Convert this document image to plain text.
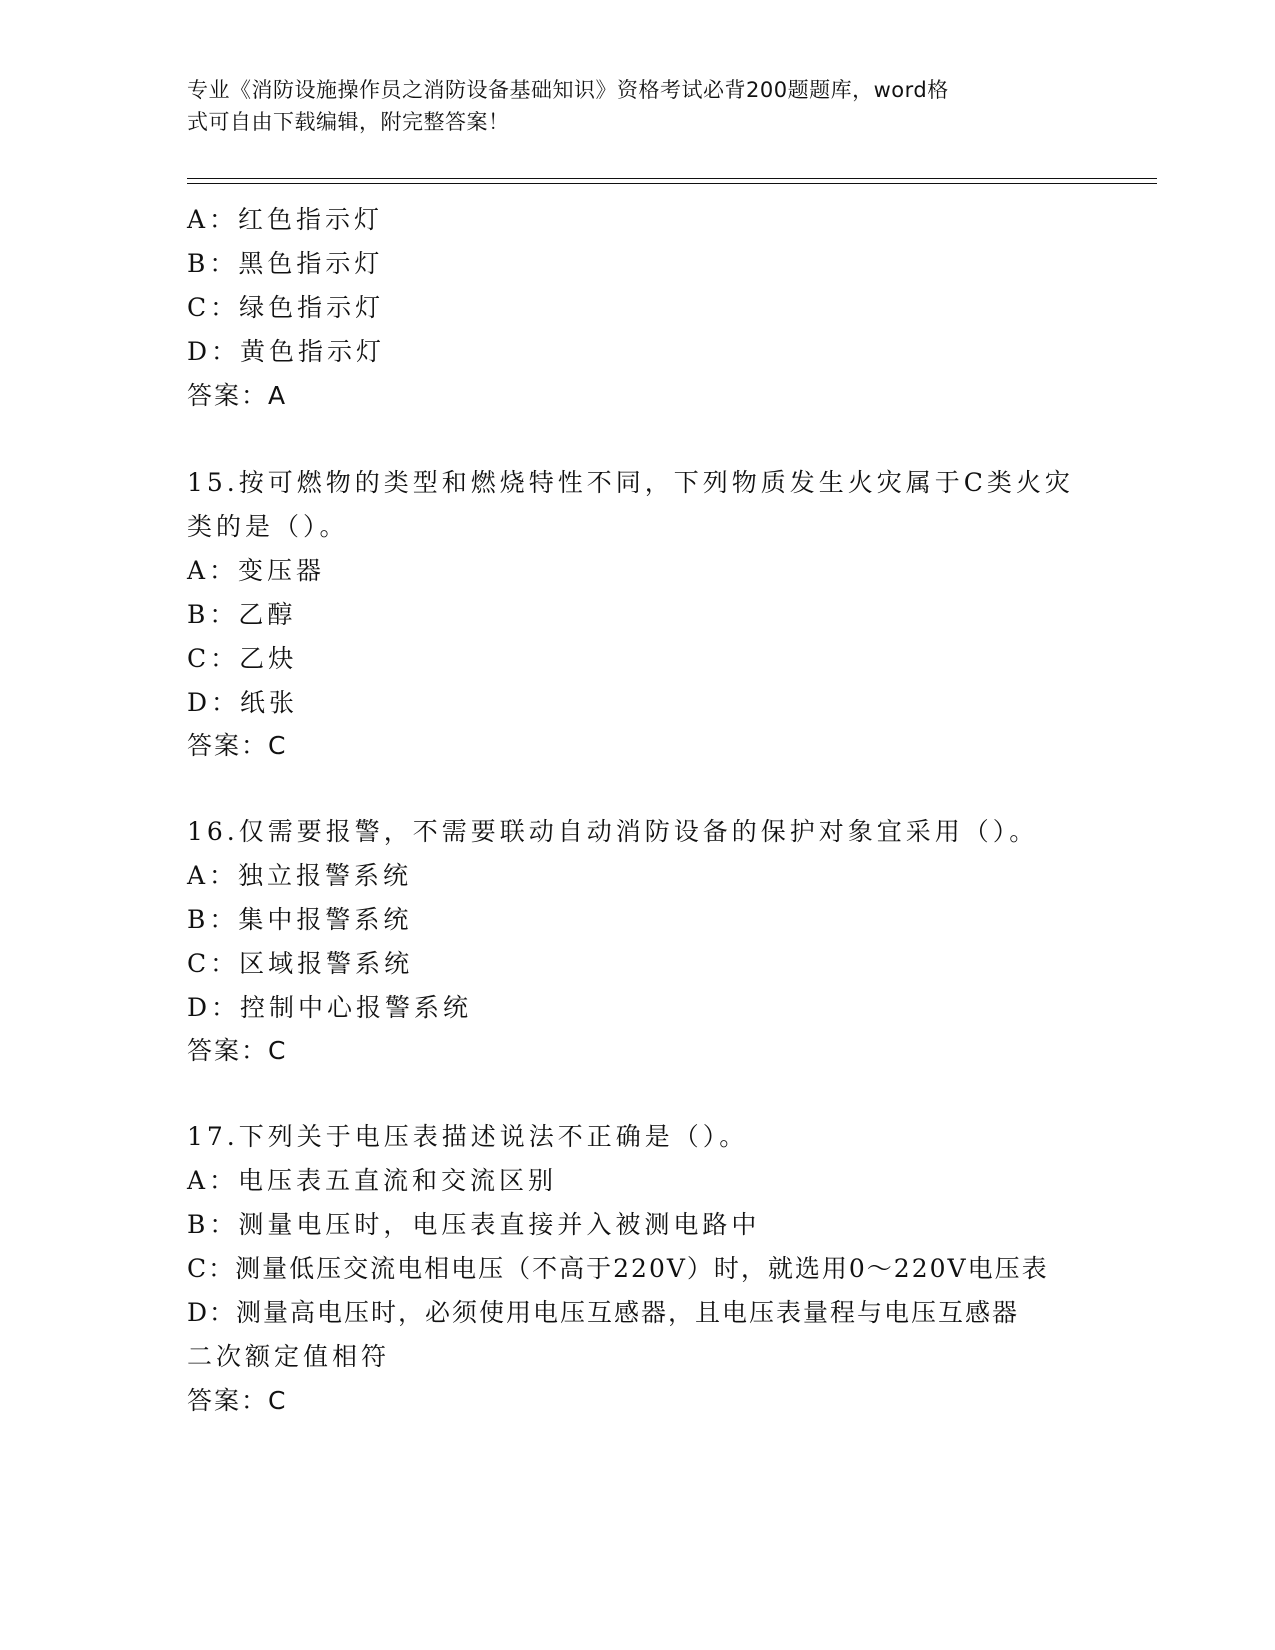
专业《消防设施操作员之消防设备基础知识》资格考试必背200题题库，word格
式可自由下载编辑，附完整答案！
A：红色指示灯
B：黑色指示灯
C：绿色指示灯
D：黄色指示灯
答案：A
15.按可燃物的类型和燃烧特性不同，下列物质发生火灾属于C类火灾
类的是（）。
A：变压器
B：乙醇
C：乙炔
D：纸张
答案：C
16.仅需要报警，不需要联动自动消防设备的保护对象宜采用（）。
A：独立报警系统
B：集中报警系统
C：区域报警系统
D：控制中心报警系统
答案：C
17.下列关于电压表描述说法不正确是（）。
A：电压表五直流和交流区别
B：测量电压时，电压表直接并入被测电路中
C：测量低压交流电相电压（不高于220V）时，就选用0～220V电压表
D：测量高电压时，必须使用电压互感器，且电压表量程与电压互感器
二次额定值相符
答案：C
